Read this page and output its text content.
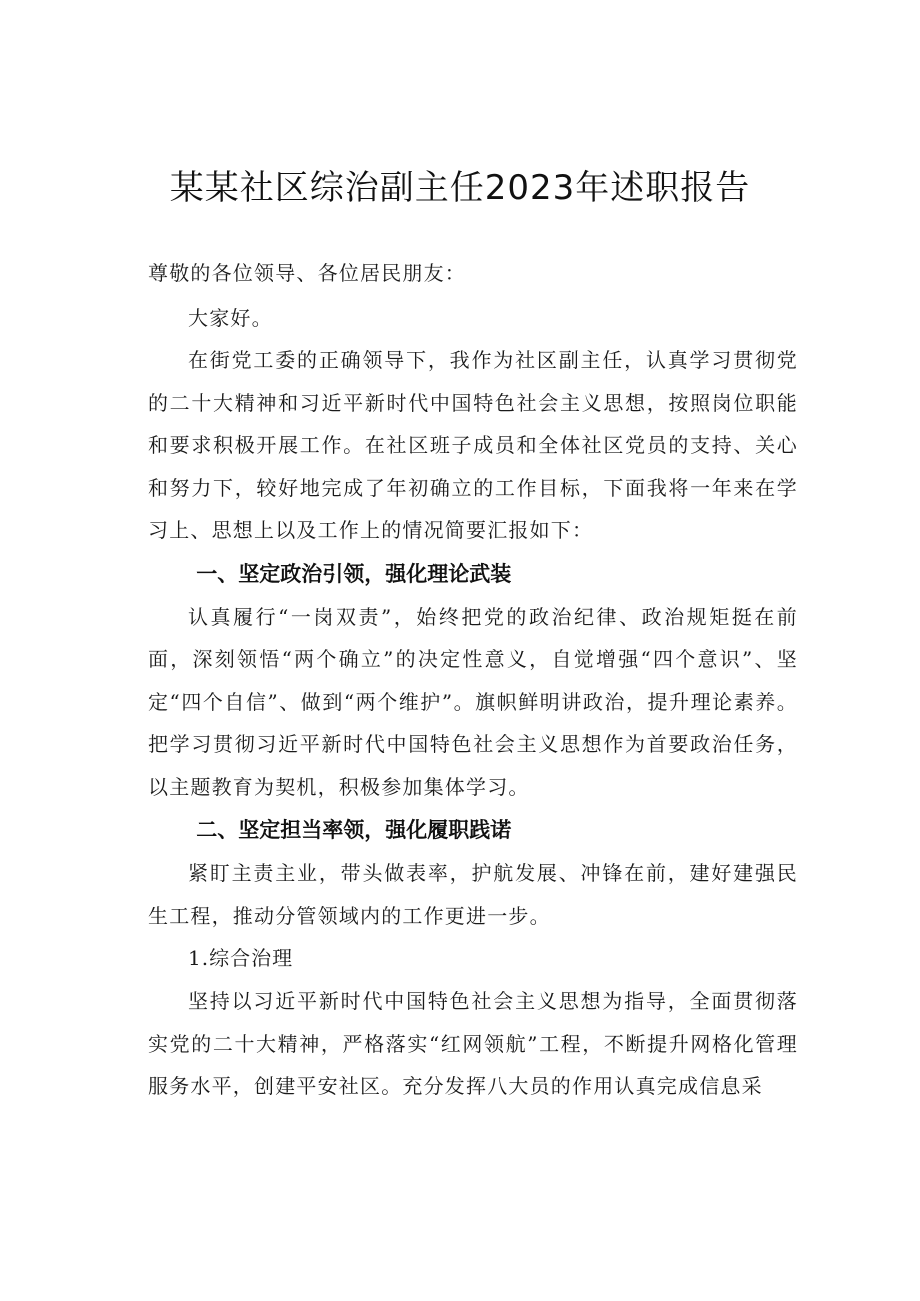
某某社区综治副主任2023年述职报告

尊敬的各位领导、各位居民朋友：

大家好。

在街党工委的正确领导下，我作为社区副主任，认真学习贯彻党的二十大精神和习近平新时代中国特色社会主义思想，按照岗位职能和要求积极开展工作。在社区班子成员和全体社区党员的支持、关心和努力下，较好地完成了年初确立的工作目标，下面我将一年来在学习上、思想上以及工作上的情况简要汇报如下：

一、坚定政治引领，强化理论武装

认真履行“一岗双责”，始终把党的政治纪律、政治规矩挺在前面，深刻领悟“两个确立”的决定性意义，自觉增强“四个意识”、坚定“四个自信”、做到“两个维护”。旗帜鲜明讲政治，提升理论素养。把学习贯彻习近平新时代中国特色社会主义思想作为首要政治任务，以主题教育为契机，积极参加集体学习。

二、坚定担当率领，强化履职践诺

紧盯主责主业，带头做表率，护航发展、冲锋在前，建好建强民生工程，推动分管领域内的工作更进一步。

1.综合治理

坚持以习近平新时代中国特色社会主义思想为指导，全面贯彻落实党的二十大精神，严格落实“红网领航”工程，不断提升网格化管理服务水平，创建平安社区。充分发挥八大员的作用认真完成信息采
